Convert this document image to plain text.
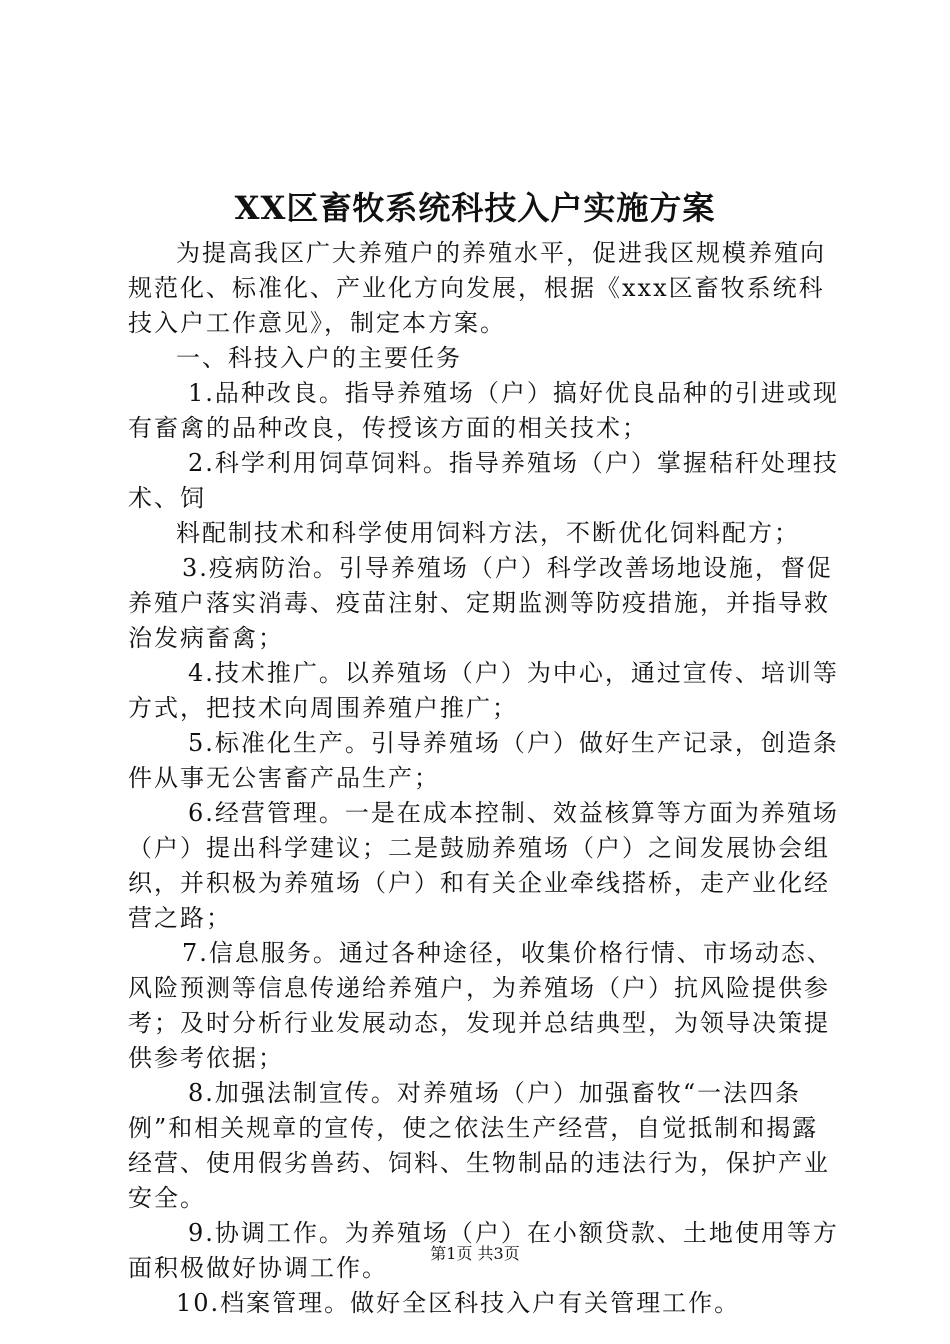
XX区畜牧系统科技入户实施方案
为提高我区广大养殖户的养殖水平，促进我区规模养殖向
规范化、标准化、产业化方向发展，根据《xxx区畜牧系统科
技入户工作意见》，制定本方案。
一、科技入户的主要任务
1.品种改良。指导养殖场（户）搞好优良品种的引进或现
有畜禽的品种改良，传授该方面的相关技术；
2.科学利用饲草饲料。指导养殖场（户）掌握秸秆处理技
术、饲
料配制技术和科学使用饲料方法，不断优化饲料配方；
3.疫病防治。引导养殖场（户）科学改善场地设施，督促
养殖户落实消毒、疫苗注射、定期监测等防疫措施，并指导救
治发病畜禽；
4.技术推广。以养殖场（户）为中心，通过宣传、培训等
方式，把技术向周围养殖户推广；
5.标准化生产。引导养殖场（户）做好生产记录，创造条
件从事无公害畜产品生产；
6.经营管理。一是在成本控制、效益核算等方面为养殖场
（户）提出科学建议；二是鼓励养殖场（户）之间发展协会组
织，并积极为养殖场（户）和有关企业牵线搭桥，走产业化经
营之路；
7.信息服务。通过各种途径，收集价格行情、市场动态、
风险预测等信息传递给养殖户，为养殖场（户）抗风险提供参
考；及时分析行业发展动态，发现并总结典型，为领导决策提
供参考依据；
8.加强法制宣传。对养殖场（户）加强畜牧“一法四条
例”和相关规章的宣传，使之依法生产经营，自觉抵制和揭露
经营、使用假劣兽药、饲料、生物制品的违法行为，保护产业
安全。
9.协调工作。为养殖场（户）在小额贷款、土地使用等方
面积极做好协调工作。
10.档案管理。做好全区科技入户有关管理工作。
第1页 共3页
